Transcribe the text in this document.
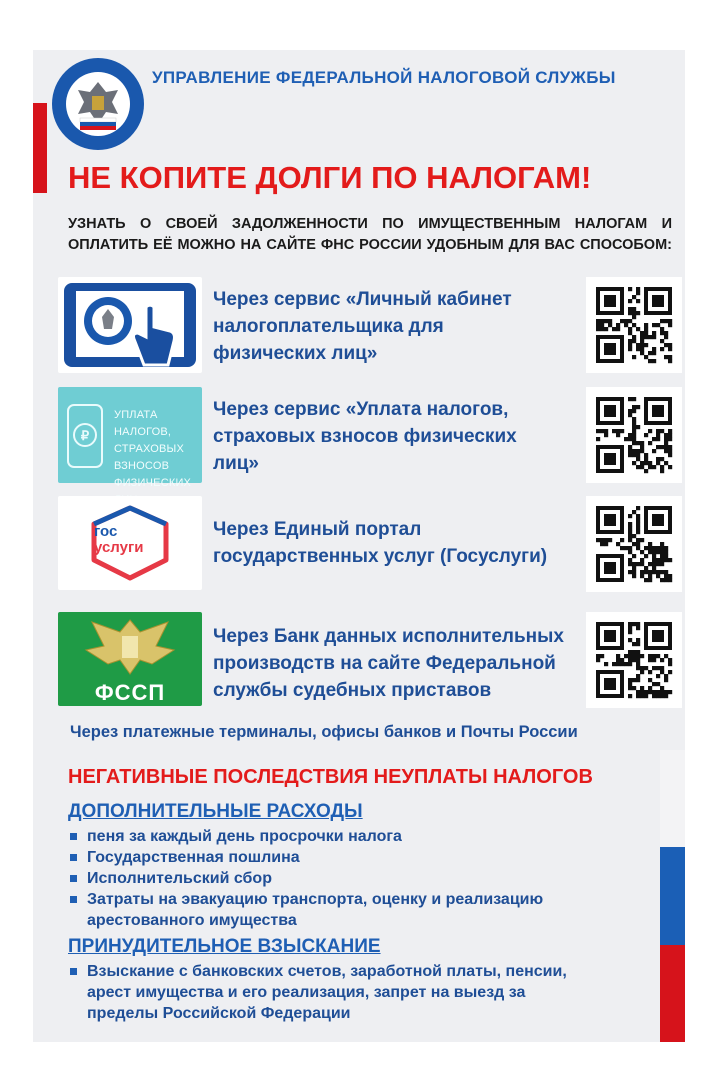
УПРАВЛЕНИЕ ФЕДЕРАЛЬНОЙ НАЛОГОВОЙ СЛУЖБЫ
НЕ КОПИТЕ ДОЛГИ ПО НАЛОГАМ!
УЗНАТЬ О СВОЕЙ ЗАДОЛЖЕННОСТИ ПО ИМУЩЕСТВЕННЫМ НАЛОГАМ И
ОПЛАТИТЬ ЕЁ МОЖНО НА САЙТЕ ФНС РОССИИ УДОБНЫМ ДЛЯ ВАС СПОСОБОМ:
Через сервис «Личный кабинет
налогоплательщика для
физических лиц»
₽
УПЛАТА НАЛОГОВ,
СТРАХОВЫХ ВЗНОСОВ
ФИЗИЧЕСКИХ
Через сервис «Уплата налогов,
страховых взносов физических
лиц»
гос
услуги
Через Единый портал
государственных услуг (Госуслуги)
ФССП
Через Банк данных исполнительных
производств на сайте Федеральной
службы судебных приставов
Через платежные терминалы, офисы банков и Почты России
НЕГАТИВНЫЕ ПОСЛЕДСТВИЯ НЕУПЛАТЫ НАЛОГОВ
ДОПОЛНИТЕЛЬНЫЕ РАСХОДЫ
пеня за каждый день просрочки налога
Государственная пошлина
Исполнительский сбор
Затраты на эвакуацию транспорта, оценку и реализацию
арестованного имущества
ПРИНУДИТЕЛЬНОЕ ВЗЫСКАНИЕ
Взыскание с банковских счетов, заработной платы, пенсии,
арест имущества и его реализация, запрет на выезд за
пределы Российской Федерации
